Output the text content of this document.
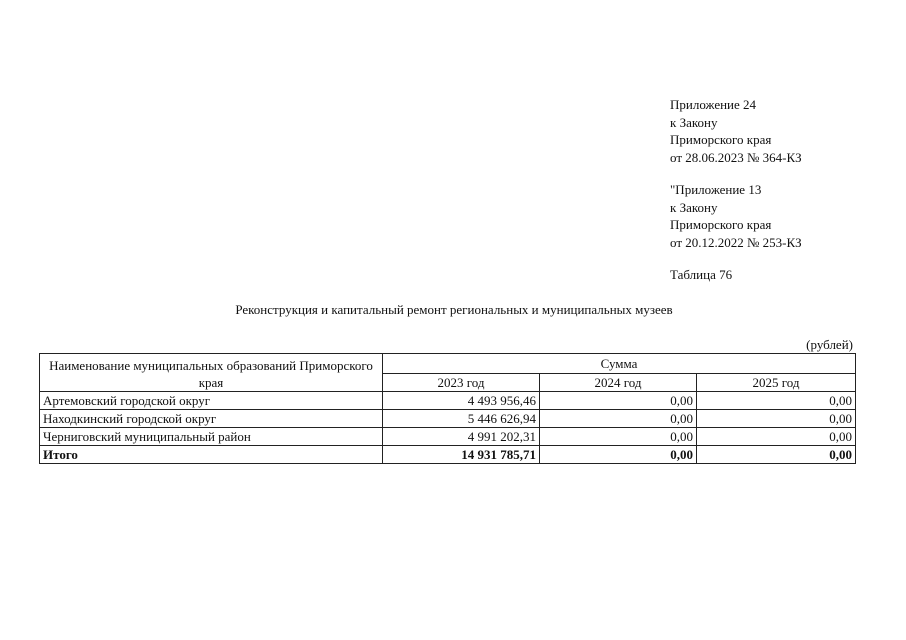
Приложение 24
к Закону
Приморского края
от 28.06.2023 № 364-КЗ
"Приложение 13
к Закону
Приморского края
от 20.12.2022 № 253-КЗ
Таблица 76
Реконструкция и капитальный ремонт региональных и муниципальных музеев
(рублей)
Наименование муниципальных образований Приморского края	Сумма		
	2023 год	2024 год	2025 год
Артемовский городской округ	4 493 956,46	0,00	0,00
Находкинский городской округ	5 446 626,94	0,00	0,00
Черниговский муниципальный район	4 991 202,31	0,00	0,00
Итого	14 931 785,71	0,00	0,00
